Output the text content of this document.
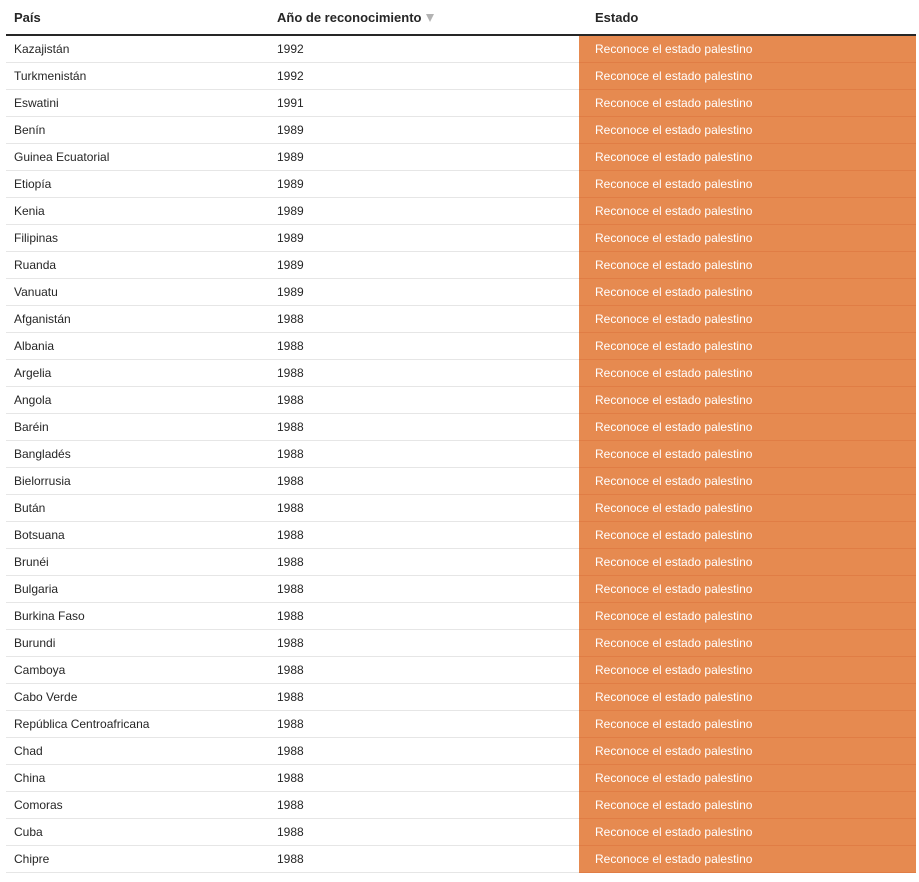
País	Año de reconocimiento	Estado
Kazajistán	1992	Reconoce el estado palestino
Turkmenistán	1992	Reconoce el estado palestino
Eswatini	1991	Reconoce el estado palestino
Benín	1989	Reconoce el estado palestino
Guinea Ecuatorial	1989	Reconoce el estado palestino
Etiopía	1989	Reconoce el estado palestino
Kenia	1989	Reconoce el estado palestino
Filipinas	1989	Reconoce el estado palestino
Ruanda	1989	Reconoce el estado palestino
Vanuatu	1989	Reconoce el estado palestino
Afganistán	1988	Reconoce el estado palestino
Albania	1988	Reconoce el estado palestino
Argelia	1988	Reconoce el estado palestino
Angola	1988	Reconoce el estado palestino
Baréin	1988	Reconoce el estado palestino
Bangladés	1988	Reconoce el estado palestino
Bielorrusia	1988	Reconoce el estado palestino
Bután	1988	Reconoce el estado palestino
Botsuana	1988	Reconoce el estado palestino
Brunéi	1988	Reconoce el estado palestino
Bulgaria	1988	Reconoce el estado palestino
Burkina Faso	1988	Reconoce el estado palestino
Burundi	1988	Reconoce el estado palestino
Camboya	1988	Reconoce el estado palestino
Cabo Verde	1988	Reconoce el estado palestino
República Centroafricana	1988	Reconoce el estado palestino
Chad	1988	Reconoce el estado palestino
China	1988	Reconoce el estado palestino
Comoras	1988	Reconoce el estado palestino
Cuba	1988	Reconoce el estado palestino
Chipre	1988	Reconoce el estado palestino
